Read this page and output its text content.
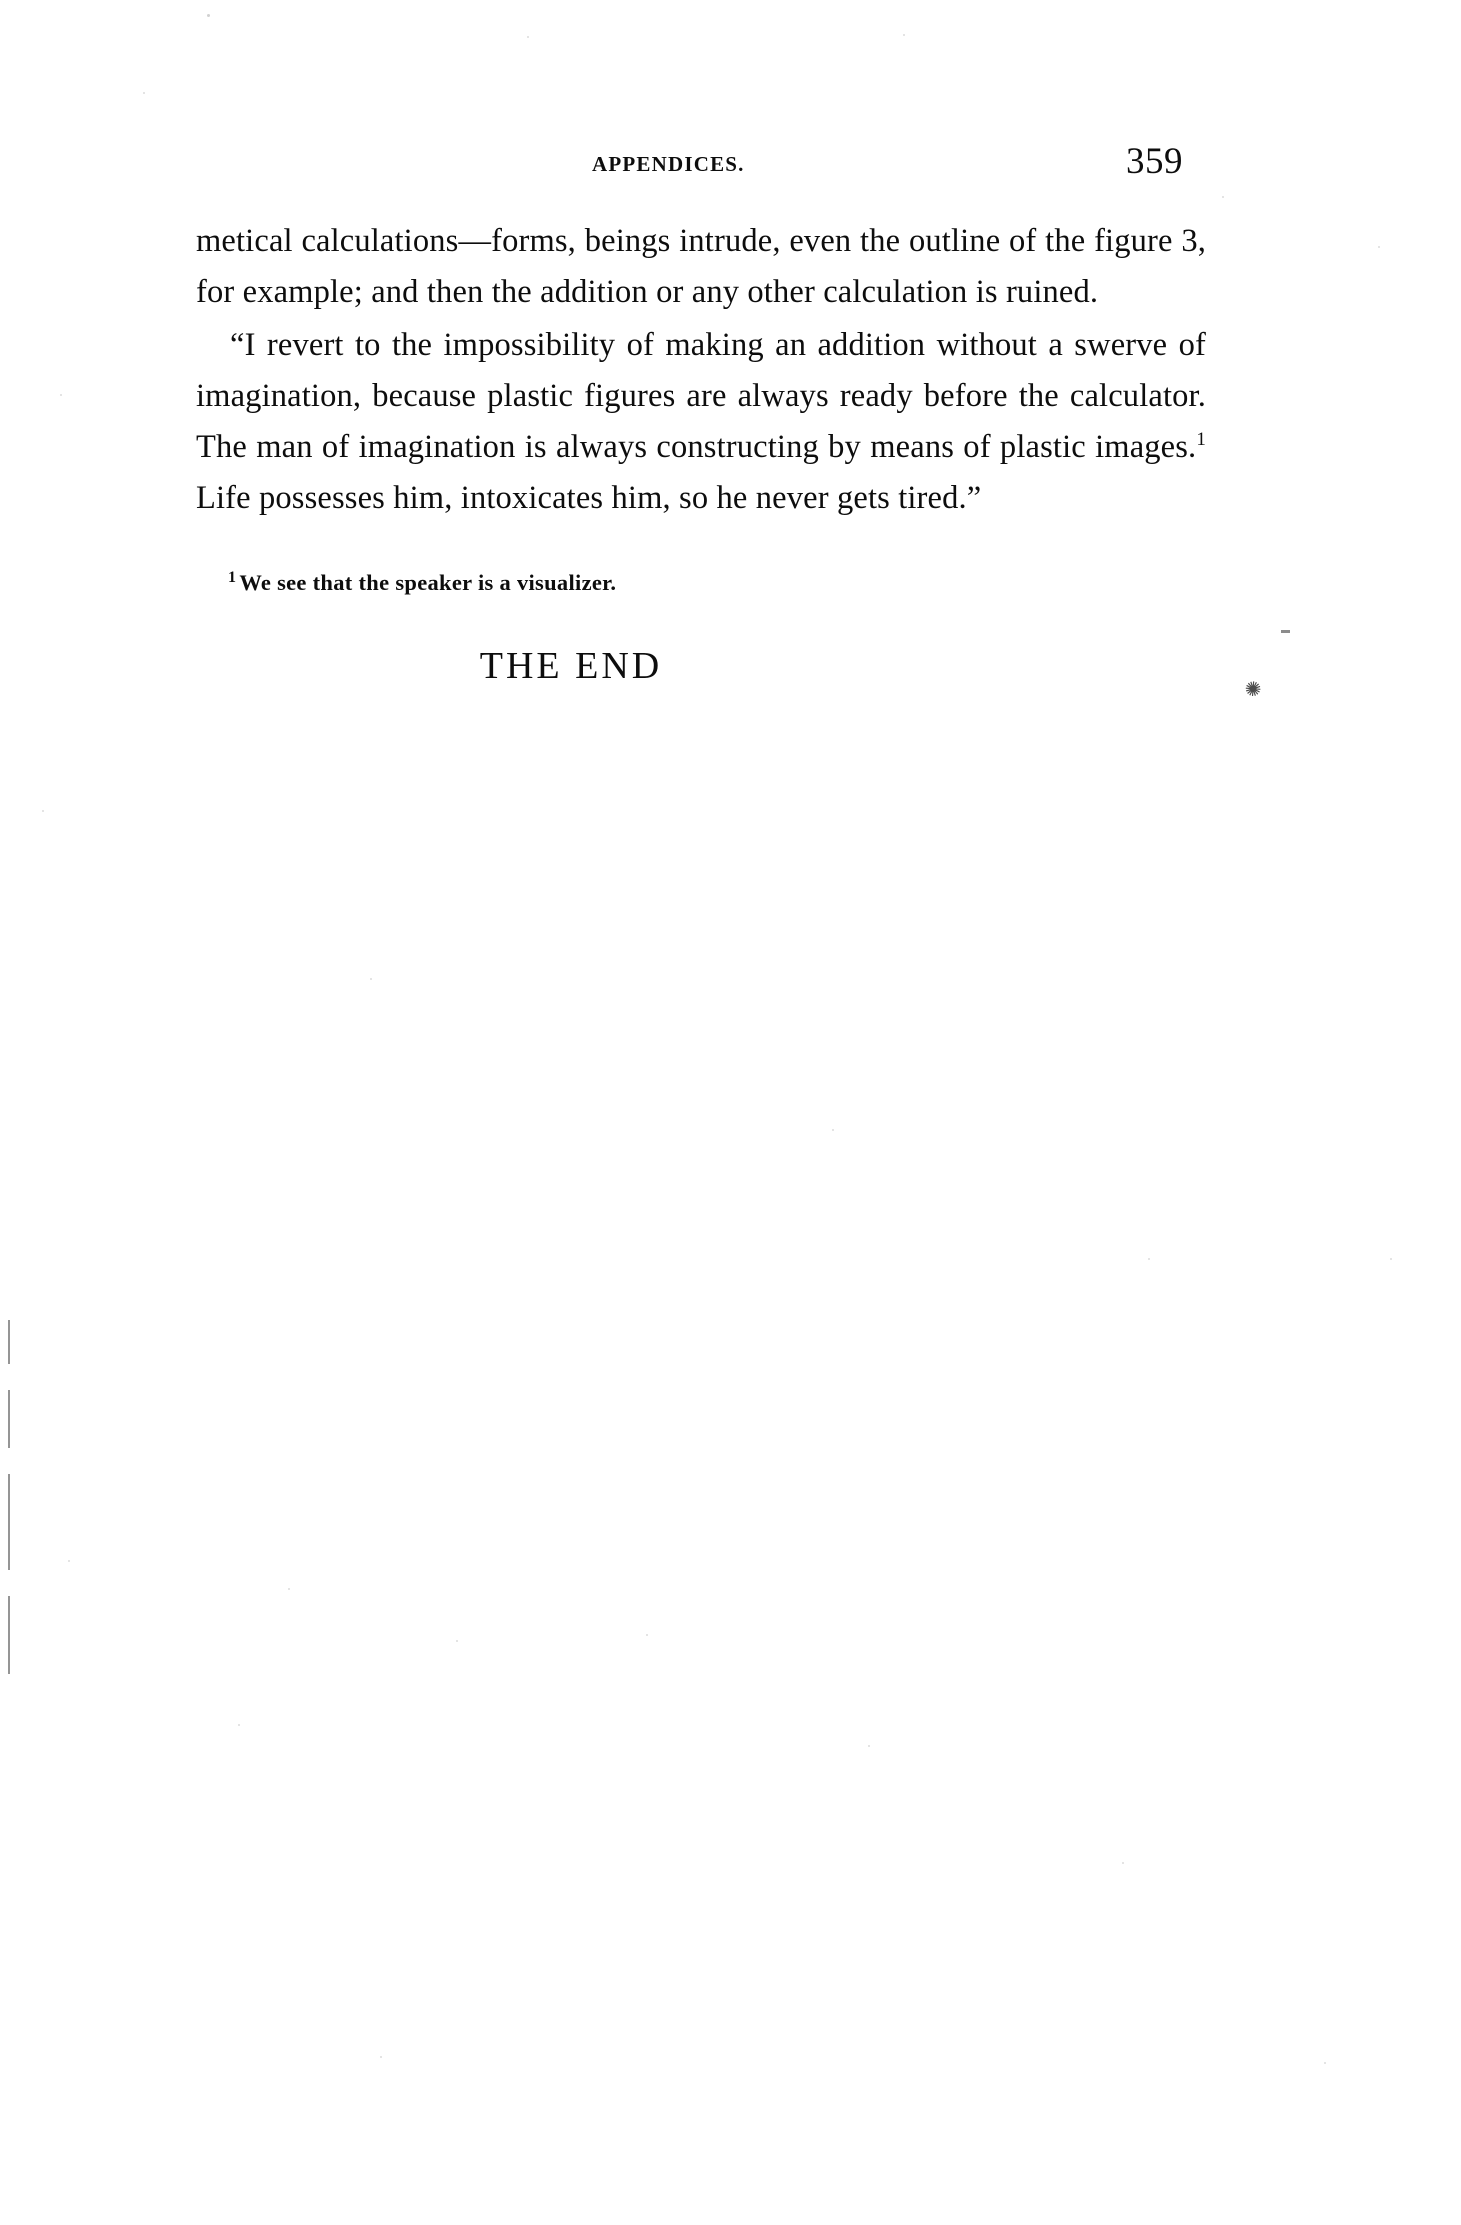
APPENDICES.	359

metical calculations—forms, beings intrude, even the outline of the figure 3, for example; and then the addition or any other calculation is ruined.

“I revert to the impossibility of making an addition without a swerve of imagination, because plastic figures are always ready before the calculator. The man of imagination is always constructing by means of plastic images.$^1$ Life possesses him, intoxicates him, so he never gets tired.”

$^1$ We see that the speaker is a visualizer.
THE END
✺
